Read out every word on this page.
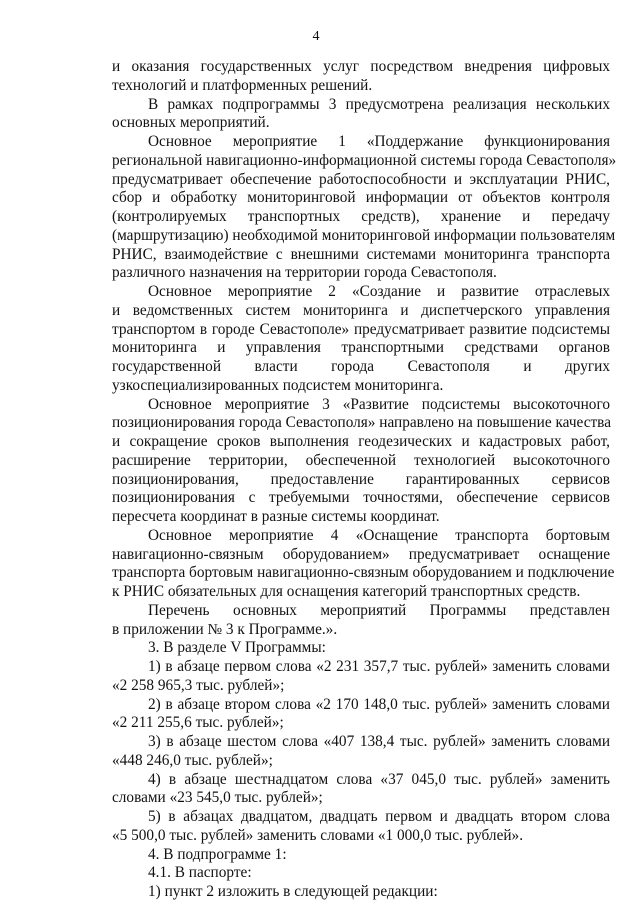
4
и оказания государственных услуг посредством внедрения цифровых
технологий и платформенных решений.
В рамках подпрограммы 3 предусмотрена реализация нескольких
основных мероприятий.
Основное мероприятие 1 «Поддержание функционирования
региональной навигационно-информационной системы города Севастополя»
предусматривает обеспечение работоспособности и эксплуатации РНИС,
сбор и обработку мониторинговой информации от объектов контроля
(контролируемых транспортных средств), хранение и передачу
(маршрутизацию) необходимой мониторинговой информации пользователям
РНИС, взаимодействие с внешними системами мониторинга транспорта
различного назначения на территории города Севастополя.
Основное мероприятие 2 «Создание и развитие отраслевых
и ведомственных систем мониторинга и диспетчерского управления
транспортом в городе Севастополе» предусматривает развитие подсистемы
мониторинга и управления транспортными средствами органов
государственной власти города Севастополя и других
узкоспециализированных подсистем мониторинга.
Основное мероприятие 3 «Развитие подсистемы высокоточного
позиционирования города Севастополя» направлено на повышение качества
и сокращение сроков выполнения геодезических и кадастровых работ,
расширение территории, обеспеченной технологией высокоточного
позиционирования, предоставление гарантированных сервисов
позиционирования с требуемыми точностями, обеспечение сервисов
пересчета координат в разные системы координат.
Основное мероприятие 4 «Оснащение транспорта бортовым
навигационно-связным оборудованием» предусматривает оснащение
транспорта бортовым навигационно-связным оборудованием и подключение
к РНИС обязательных для оснащения категорий транспортных средств.
Перечень основных мероприятий Программы представлен
в приложении № 3 к Программе.».
3. В разделе V Программы:
1) в абзаце первом слова «2 231 357,7 тыс. рублей» заменить словами
«2 258 965,3 тыс. рублей»;
2) в абзаце втором слова «2 170 148,0 тыс. рублей» заменить словами
«2 211 255,6 тыс. рублей»;
3) в абзаце шестом слова «407 138,4 тыс. рублей» заменить словами
«448 246,0 тыс. рублей»;
4) в абзаце шестнадцатом слова «37 045,0 тыс. рублей» заменить
словами «23 545,0 тыс. рублей»;
5) в абзацах двадцатом, двадцать первом и двадцать втором слова
«5 500,0 тыс. рублей» заменить словами «1 000,0 тыс. рублей».
4. В подпрограмме 1:
4.1. В паспорте:
1) пункт 2 изложить в следующей редакции:
